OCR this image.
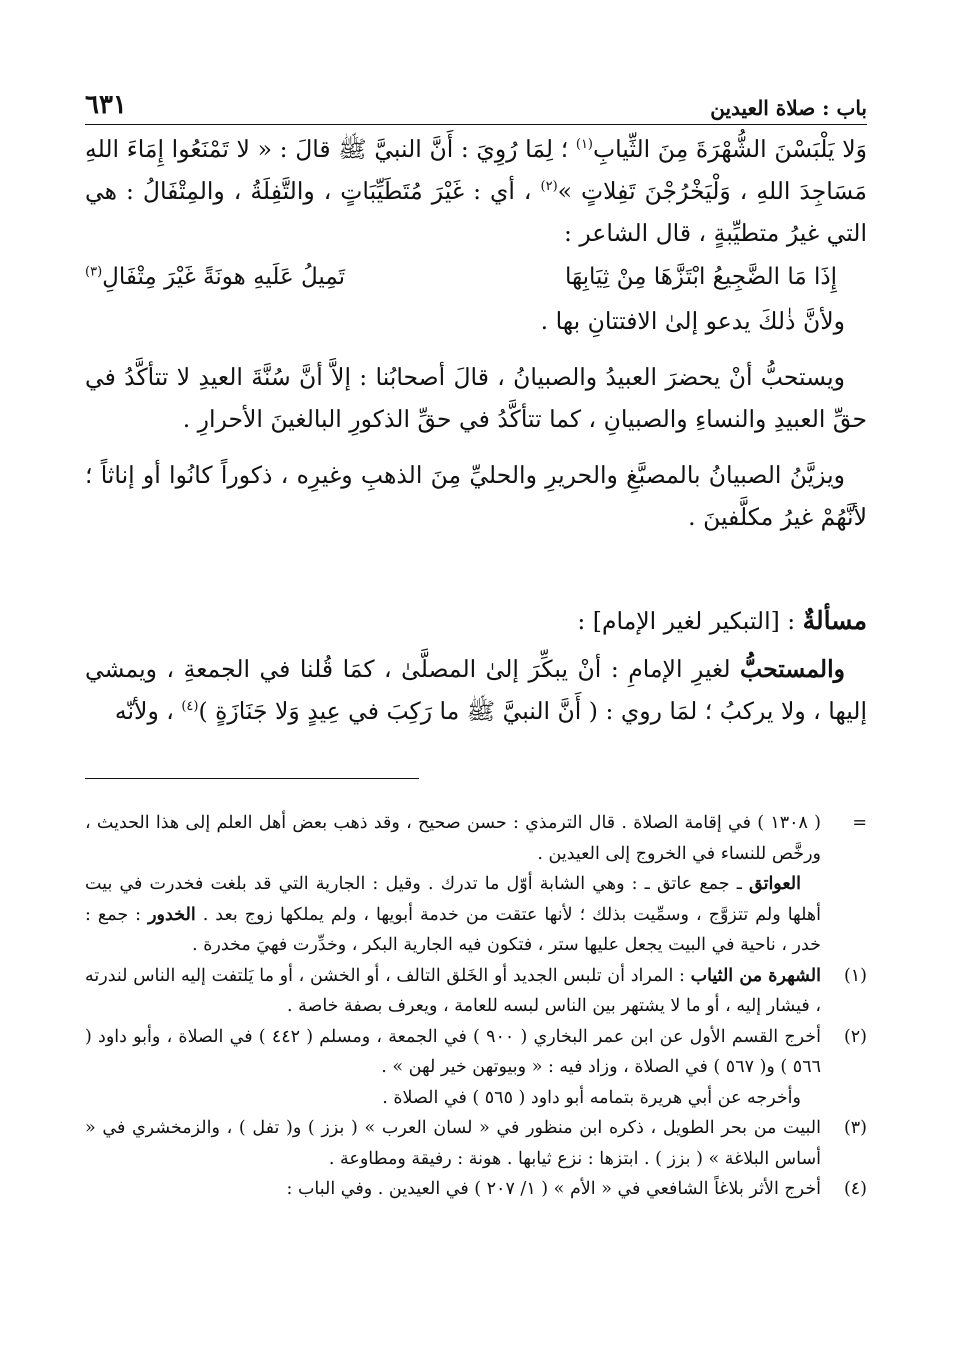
باب : صلاة العيدين
٦٣١

وَلا يَلْبَسْنَ الشُّهْرَةَ مِنَ الثِّيابِ$^{(١)}$ ؛ لِمَا رُوِيَ : أَنَّ النبيَّ ﷺ قالَ : « لا تَمْنَعُوا إِمَاءَ اللهِ مَسَاجِدَ اللهِ ، وَلْيَخْرُجْنَ تَفِلاتٍ »$^{(٢)}$ ، أي : غَيْرَ مُتَطَيِّبَاتٍ ، والتَّفِلَةُ ، والمِتْفَالُ : هي التي غيرُ متطيِّبةٍ ، قال الشاعر :

إِذَا مَا الضَّجِيعُ ابْتَزَّهَا مِنْ ثِيَابِهَا
تَمِيلُ عَلَيهِ هونَةً غَيْرَ مِتْفَالِ$^{(٣)}$

ولأنَّ ذٰلكَ يدعو إلىٰ الافتتانِ بها .

ويستحبُّ أنْ يحضرَ العبيدُ والصبيانُ ، قالَ أصحابُنا : إلاَّ أنَّ سُنَّةَ العيدِ لا تتأكَّدُ في حقِّ العبيدِ والنساءِ والصبيانِ ، كما تتأكَّدُ في حقِّ الذكورِ البالغينَ الأحرارِ .

ويزيَّنُ الصبيانُ بالمصبَّغِ والحريرِ والحليِّ مِنَ الذهبِ وغيرِه ، ذكوراً كانُوا أو إناثاً ؛ لأنَّهُمْ غيرُ مكلَّفينَ .

مسألةٌ : [التبكير لغير الإمام] :

والمستحبُّ لغيرِ الإمامِ : أنْ يبكِّرَ إلىٰ المصلَّىٰ ، كمَا قُلنا في الجمعةِ ، ويمشي إليها ، ولا يركبُ ؛ لمَا روي : ( أَنَّ النبيَّ ﷺ ما رَكِبَ في عِيدٍ وَلا جَنَازَةٍ )$^{(٤)}$ ، ولأنّه

=

( ١٣٠٨ ) في إقامة الصلاة . قال الترمذي : حسن صحيح ، وقد ذهب بعض أهل العلم إلى هذا الحديث ، ورخَّص للنساء في الخروج إلى العيدين .

العواتق ـ جمع عاتق ـ : وهي الشابة أوّل ما تدرك . وقيل : الجارية التي قد بلغت فخدرت في بيت أهلها ولم تتزوَّج ، وسمِّيت بذلك ؛ لأنها عتقت من خدمة أبويها ، ولم يملكها زوج بعد . الخدور : جمع : خدر ، ناحية في البيت يجعل عليها ستر ، فتكون فيه الجارية البكر ، وخدِّرت فهيَ مخدرة .

(١)

الشهرة من الثياب : المراد أن تلبس الجديد أو الخَلق التالف ، أو الخشن ، أو ما يَلتفت إليه الناس لندرته ، فيشار إليه ، أو ما لا يشتهر بين الناس لبسه للعامة ، ويعرف بصفة خاصة .

(٢)

أخرج القسم الأول عن ابن عمر البخاري ( ٩٠٠ ) في الجمعة ، ومسلم ( ٤٤٢ ) في الصلاة ، وأبو داود ( ٥٦٦ ) و( ٥٦٧ ) في الصلاة ، وزاد فيه : « وبيوتهن خير لهن » .

وأخرجه عن أبي هريرة بتمامه أبو داود ( ٥٦٥ ) في الصلاة .

(٣)

البيت من بحر الطويل ، ذكره ابن منظور في « لسان العرب » ( بزز ) و( تفل ) ، والزمخشري في « أساس البلاغة » ( بزز ) . ابتزها : نزع ثيابها . هونة : رفيقة ومطاوعة .

(٤)

أخرج الأثر بلاغاً الشافعي في « الأم » ( ١/ ٢٠٧ ) في العيدين . وفي الباب :
